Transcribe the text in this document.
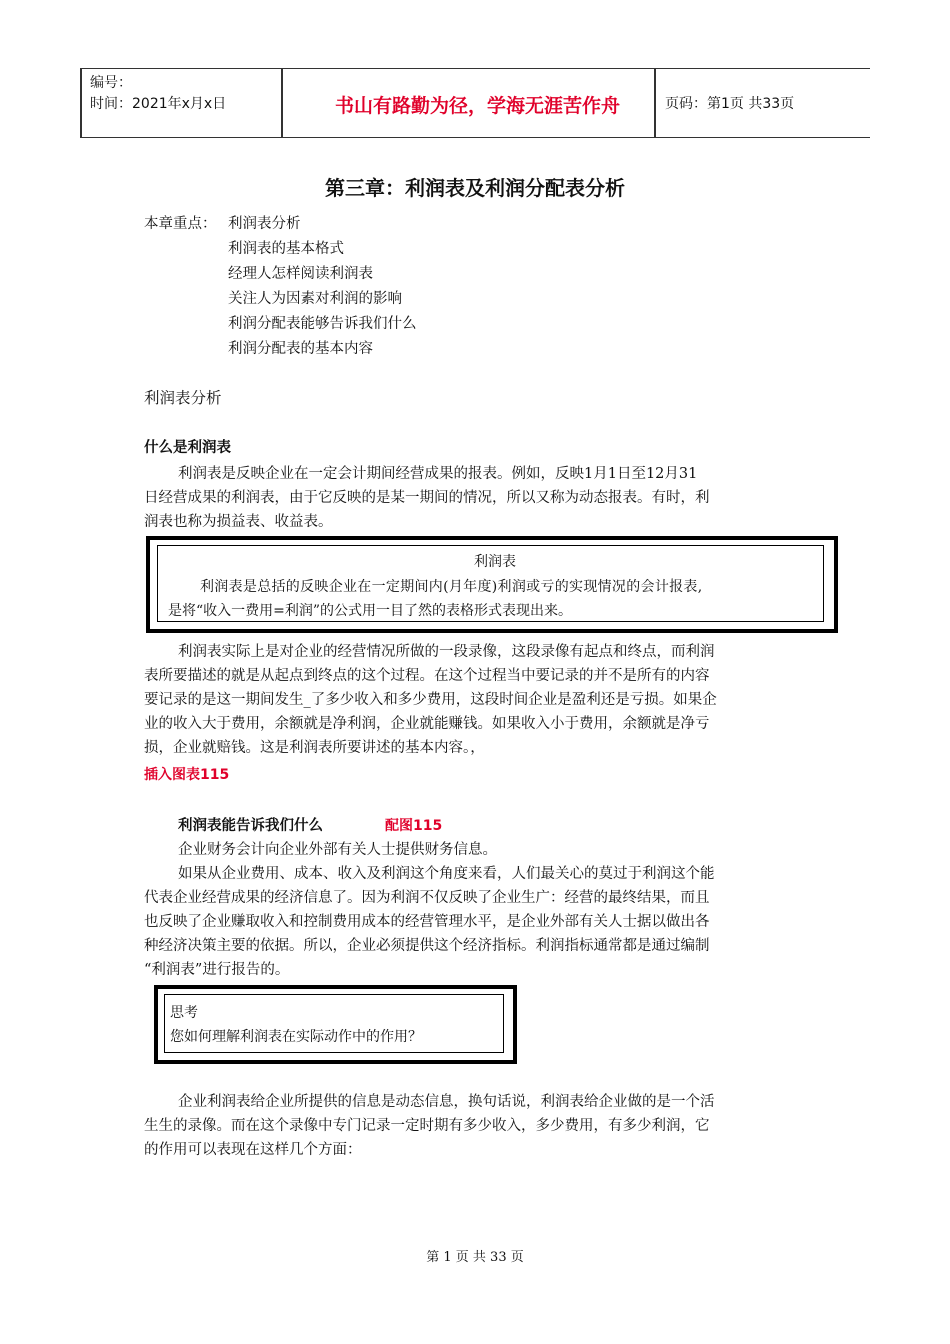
编号：
时间：2021年x月x日	书山有路勤为径，学海无涯苦作舟	页码：第1页 共33页
第三章：利润表及利润分配表分析
本章重点： 利润表分析
利润表的基本格式
经理人怎样阅读利润表
关注人为因素对利润的影响
利润分配表能够告诉我们什么
利润分配表的基本内容
利润表分析
什么是利润表
利润表是反映企业在一定会计期间经营成果的报表。例如，反映1月1日至12月31
日经营成果的利润表，由于它反映的是某一期间的情况，所以又称为动态报表。有时，利
润表也称为损益表、收益表。
利润表
利润表是总括的反映企业在一定期间内(月年度)利润或亏的实现情况的会计报表,
是将“收入一费用=利润”的公式用一目了然的表格形式表现出来。
利润表实际上是对企业的经营情况所做的一段录像，这段录像有起点和终点，而利润
表所要描述的就是从起点到终点的这个过程。在这个过程当中要记录的并不是所有的内容
要记录的是这一期间发生_了多少收入和多少费用，这段时间企业是盈利还是亏损。如果企
业的收入大于费用，余额就是净利润，企业就能赚钱。如果收入小于费用，余额就是净亏
损，企业就赔钱。这是利润表所要讲述的基本内容。，
插入图表115
利润表能告诉我们什么	配图115
企业财务会计向企业外部有关人士提供财务信息。
如果从企业费用、成本、收入及利润这个角度来看，人们最关心的莫过于利润这个能
代表企业经营成果的经济信息了。因为利润不仅反映了企业生广：经营的最终结果，而且
也反映了企业赚取收入和控制费用成本的经营管理水平，是企业外部有关人士据以做出各
种经济决策主要的依据。所以，企业必须提供这个经济指标。利润指标通常都是通过编制
“利润表”进行报告的。
思考
您如何理解利润表在实际动作中的作用？
企业利润表给企业所提供的信息是动态信息，换句话说，利润表给企业做的是一个活
生生的录像。而在这个录像中专门记录一定时期有多少收入，多少费用，有多少利润，它
的作用可以表现在这样几个方面：
第 1 页 共 33 页
